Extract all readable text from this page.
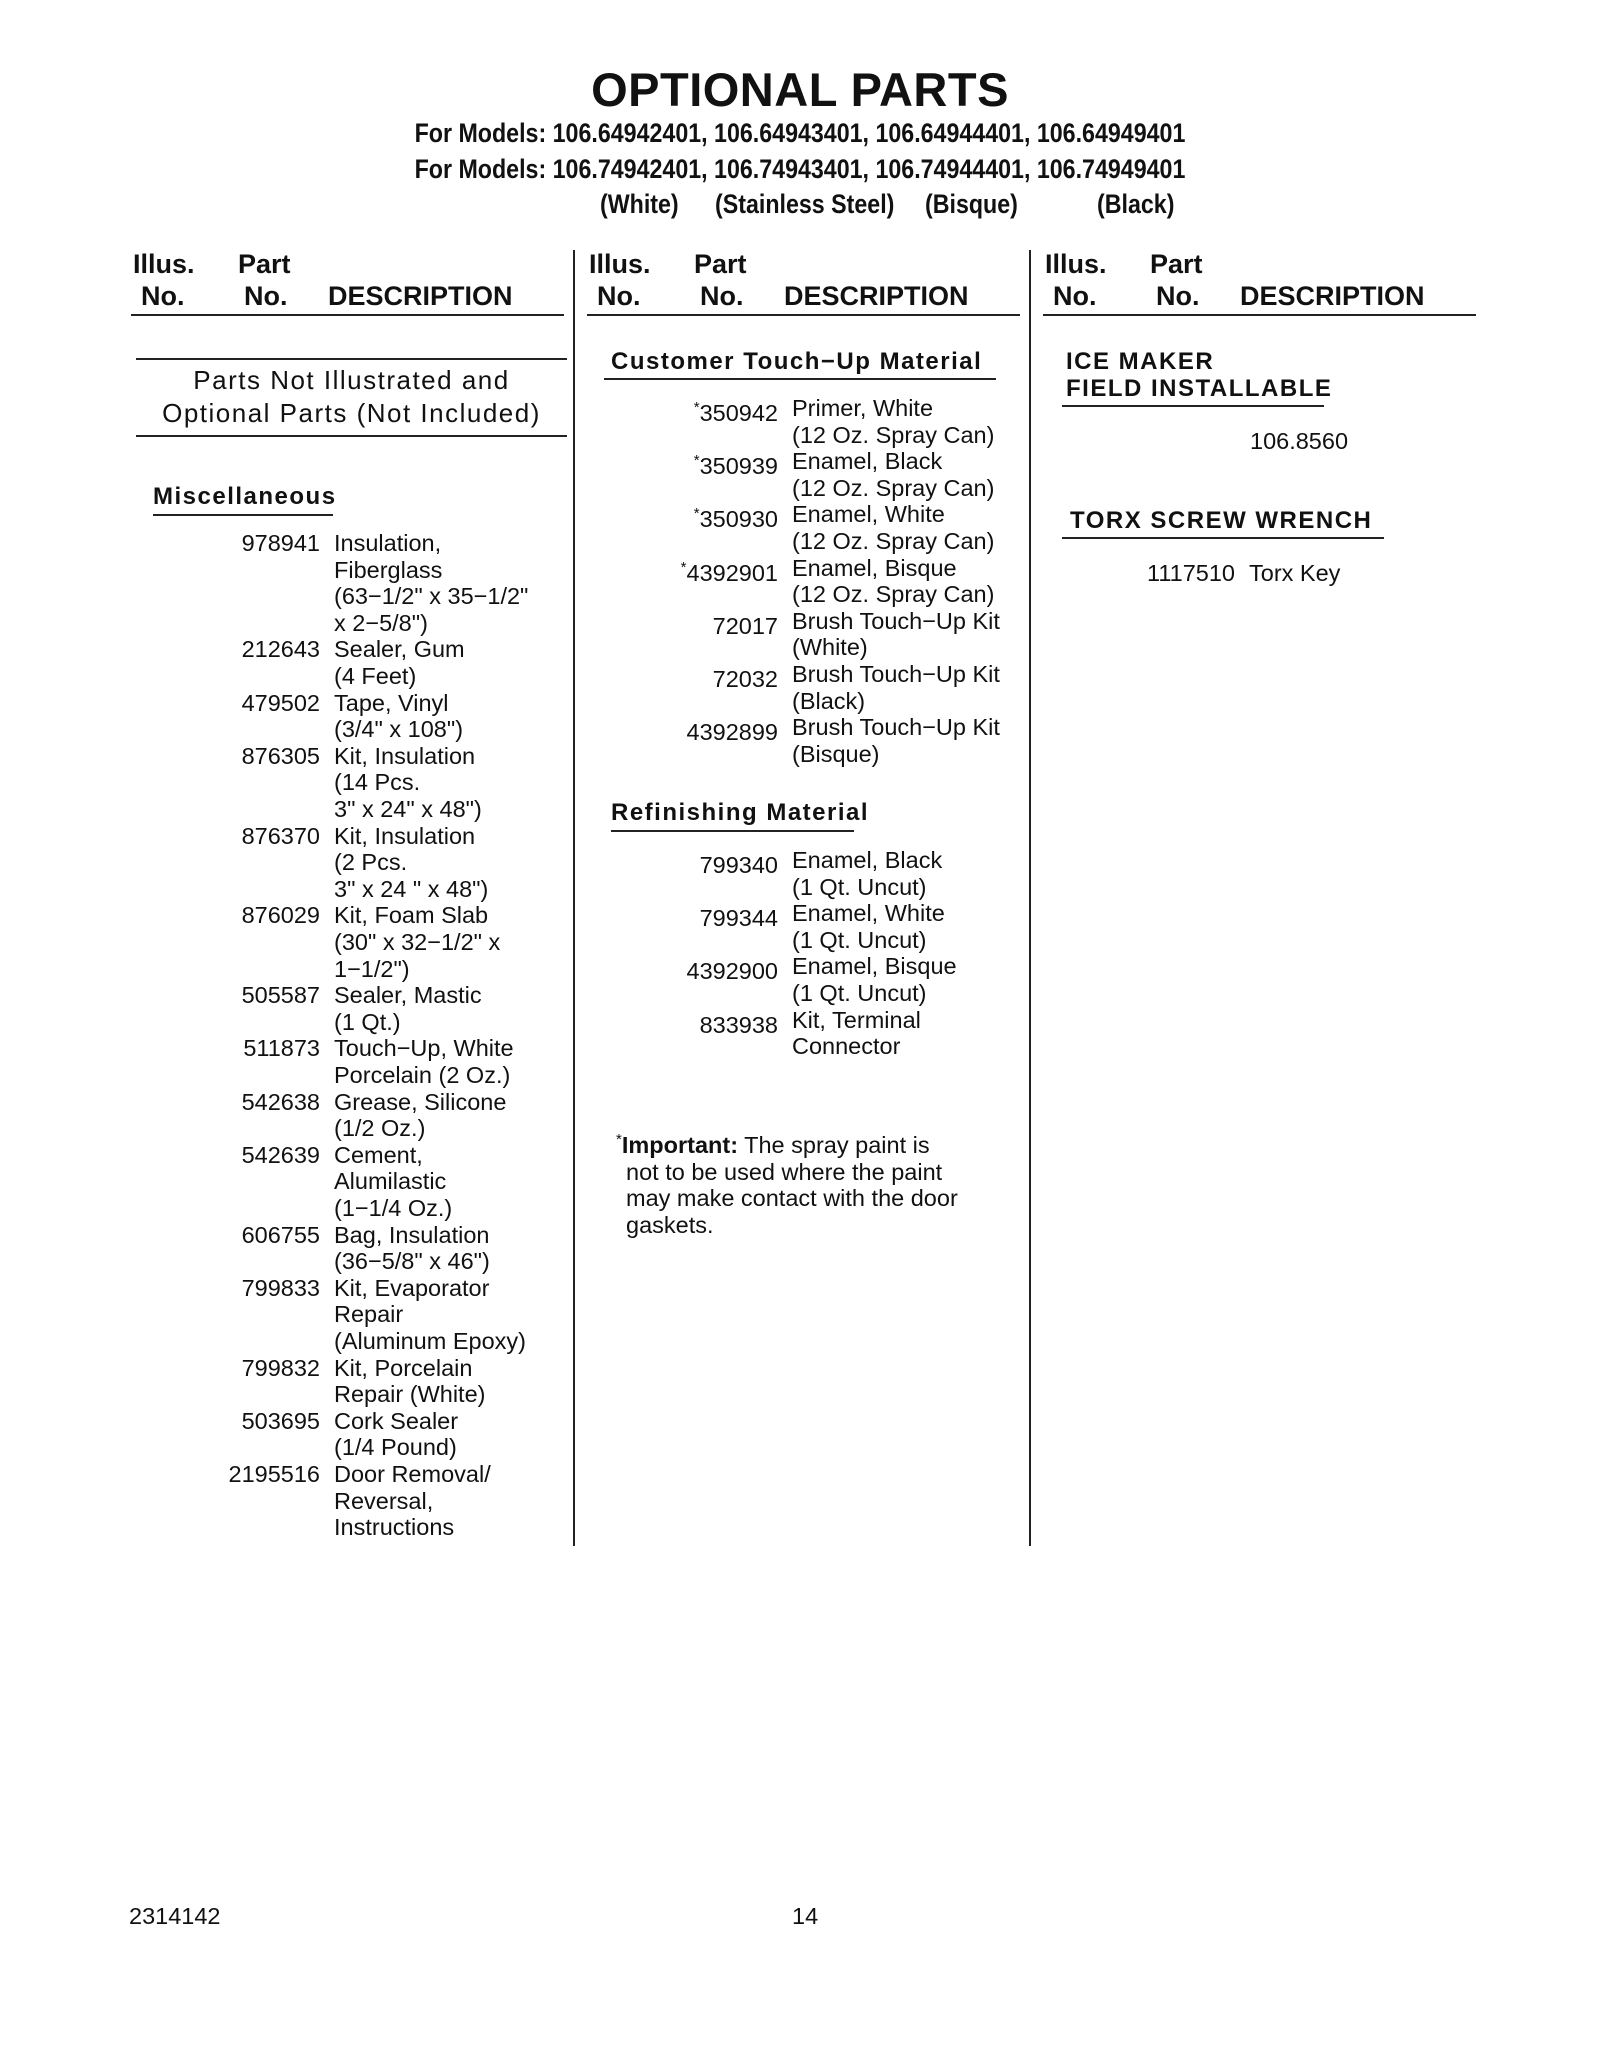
OPTIONAL PARTS
For Models: 106.64942401, 106.64943401, 106.64944401, 106.64949401
For Models: 106.74942401, 106.74943401, 106.74944401, 106.74949401
(White) (Stainless Steel) (Bisque)	(Black)
Illus.
No.
Part
No. DESCRIPTION
Illus.
No.
Part
No. DESCRIPTION
Illus.
No.
Part
No. DESCRIPTION
Parts Not Illustrated and
Optional Parts (Not Included)
Miscellaneous
978941 Insulation,
Fiberglass
(63−1/2" x 35−1/2"
x 2−5/8")
212643 Sealer, Gum
(4 Feet)
479502 Tape, Vinyl
(3/4" x 108")
876305 Kit, Insulation
(14 Pcs.
3" x 24" x 48")
876370 Kit, Insulation
(2 Pcs.
3" x 24 " x 48")
876029 Kit, Foam Slab
(30" x 32−1/2" x
1−1/2")
505587 Sealer, Mastic
(1 Qt.)
511873 Touch−Up, White
Porcelain (2 Oz.)
542638 Grease, Silicone
(1/2 Oz.)
542639 Cement,
Alumilastic
(1−1/4 Oz.)
606755 Bag, Insulation
(36−5/8" x 46")
799833 Kit, Evaporator
Repair
(Aluminum Epoxy)
799832 Kit, Porcelain
Repair (White)
503695 Cork Sealer
(1/4 Pound)
2195516 Door Removal/
Reversal,
Instructions
Customer Touch−Up Material
*350942 Primer, White
(12 Oz. Spray Can)
*350939 Enamel, Black
(12 Oz. Spray Can)
*350930 Enamel, White
(12 Oz. Spray Can)
*4392901 Enamel, Bisque
(12 Oz. Spray Can)
72017 Brush Touch−Up Kit
(White)
72032 Brush Touch−Up Kit
(Black)
4392899 Brush Touch−Up Kit
(Bisque)
Refinishing Material
799340 Enamel, Black
(1 Qt. Uncut)
799344 Enamel, White
(1 Qt. Uncut)
4392900 Enamel, Bisque
(1 Qt. Uncut)
833938 Kit, Terminal
Connector
*Important: The spray paint is
not to be used where the paint
may make contact with the door
gaskets.
ICE MAKER
FIELD INSTALLABLE
106.8560
TORX SCREW WRENCH
1117510 Torx Key
2314142	14
